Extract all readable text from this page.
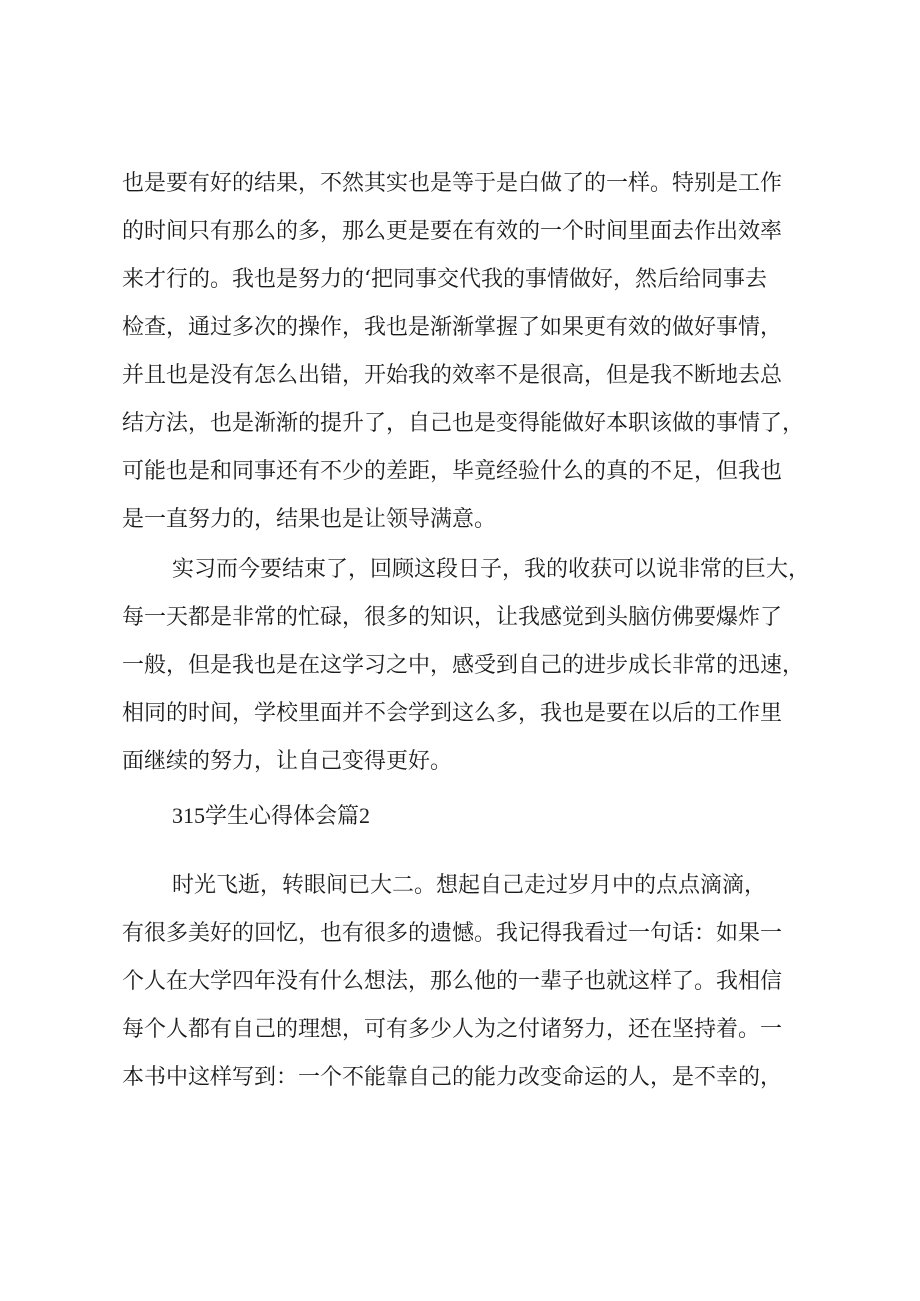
也是要有好的结果，不然其实也是等于是白做了的一样。特别是工作
的时间只有那么的多，那么更是要在有效的一个时间里面去作出效率
来才行的。我也是努力的‘把同事交代我的事情做好，然后给同事去
检查，通过多次的操作，我也是渐渐掌握了如果更有效的做好事情，
并且也是没有怎么出错，开始我的效率不是很高，但是我不断地去总
结方法，也是渐渐的提升了，自己也是变得能做好本职该做的事情了，
可能也是和同事还有不少的差距，毕竟经验什么的真的不足，但我也
是一直努力的，结果也是让领导满意。
实习而今要结束了，回顾这段日子，我的收获可以说非常的巨大，
每一天都是非常的忙碌，很多的知识，让我感觉到头脑仿佛要爆炸了
一般，但是我也是在这学习之中，感受到自己的进步成长非常的迅速，
相同的时间，学校里面并不会学到这么多，我也是要在以后的工作里
面继续的努力，让自己变得更好。
315学生心得体会篇2
时光飞逝，转眼间已大二。想起自己走过岁月中的点点滴滴，
有很多美好的回忆，也有很多的遗憾。我记得我看过一句话：如果一
个人在大学四年没有什么想法，那么他的一辈子也就这样了。我相信
每个人都有自己的理想，可有多少人为之付诸努力，还在坚持着。一
本书中这样写到：一个不能靠自己的能力改变命运的人，是不幸的，
